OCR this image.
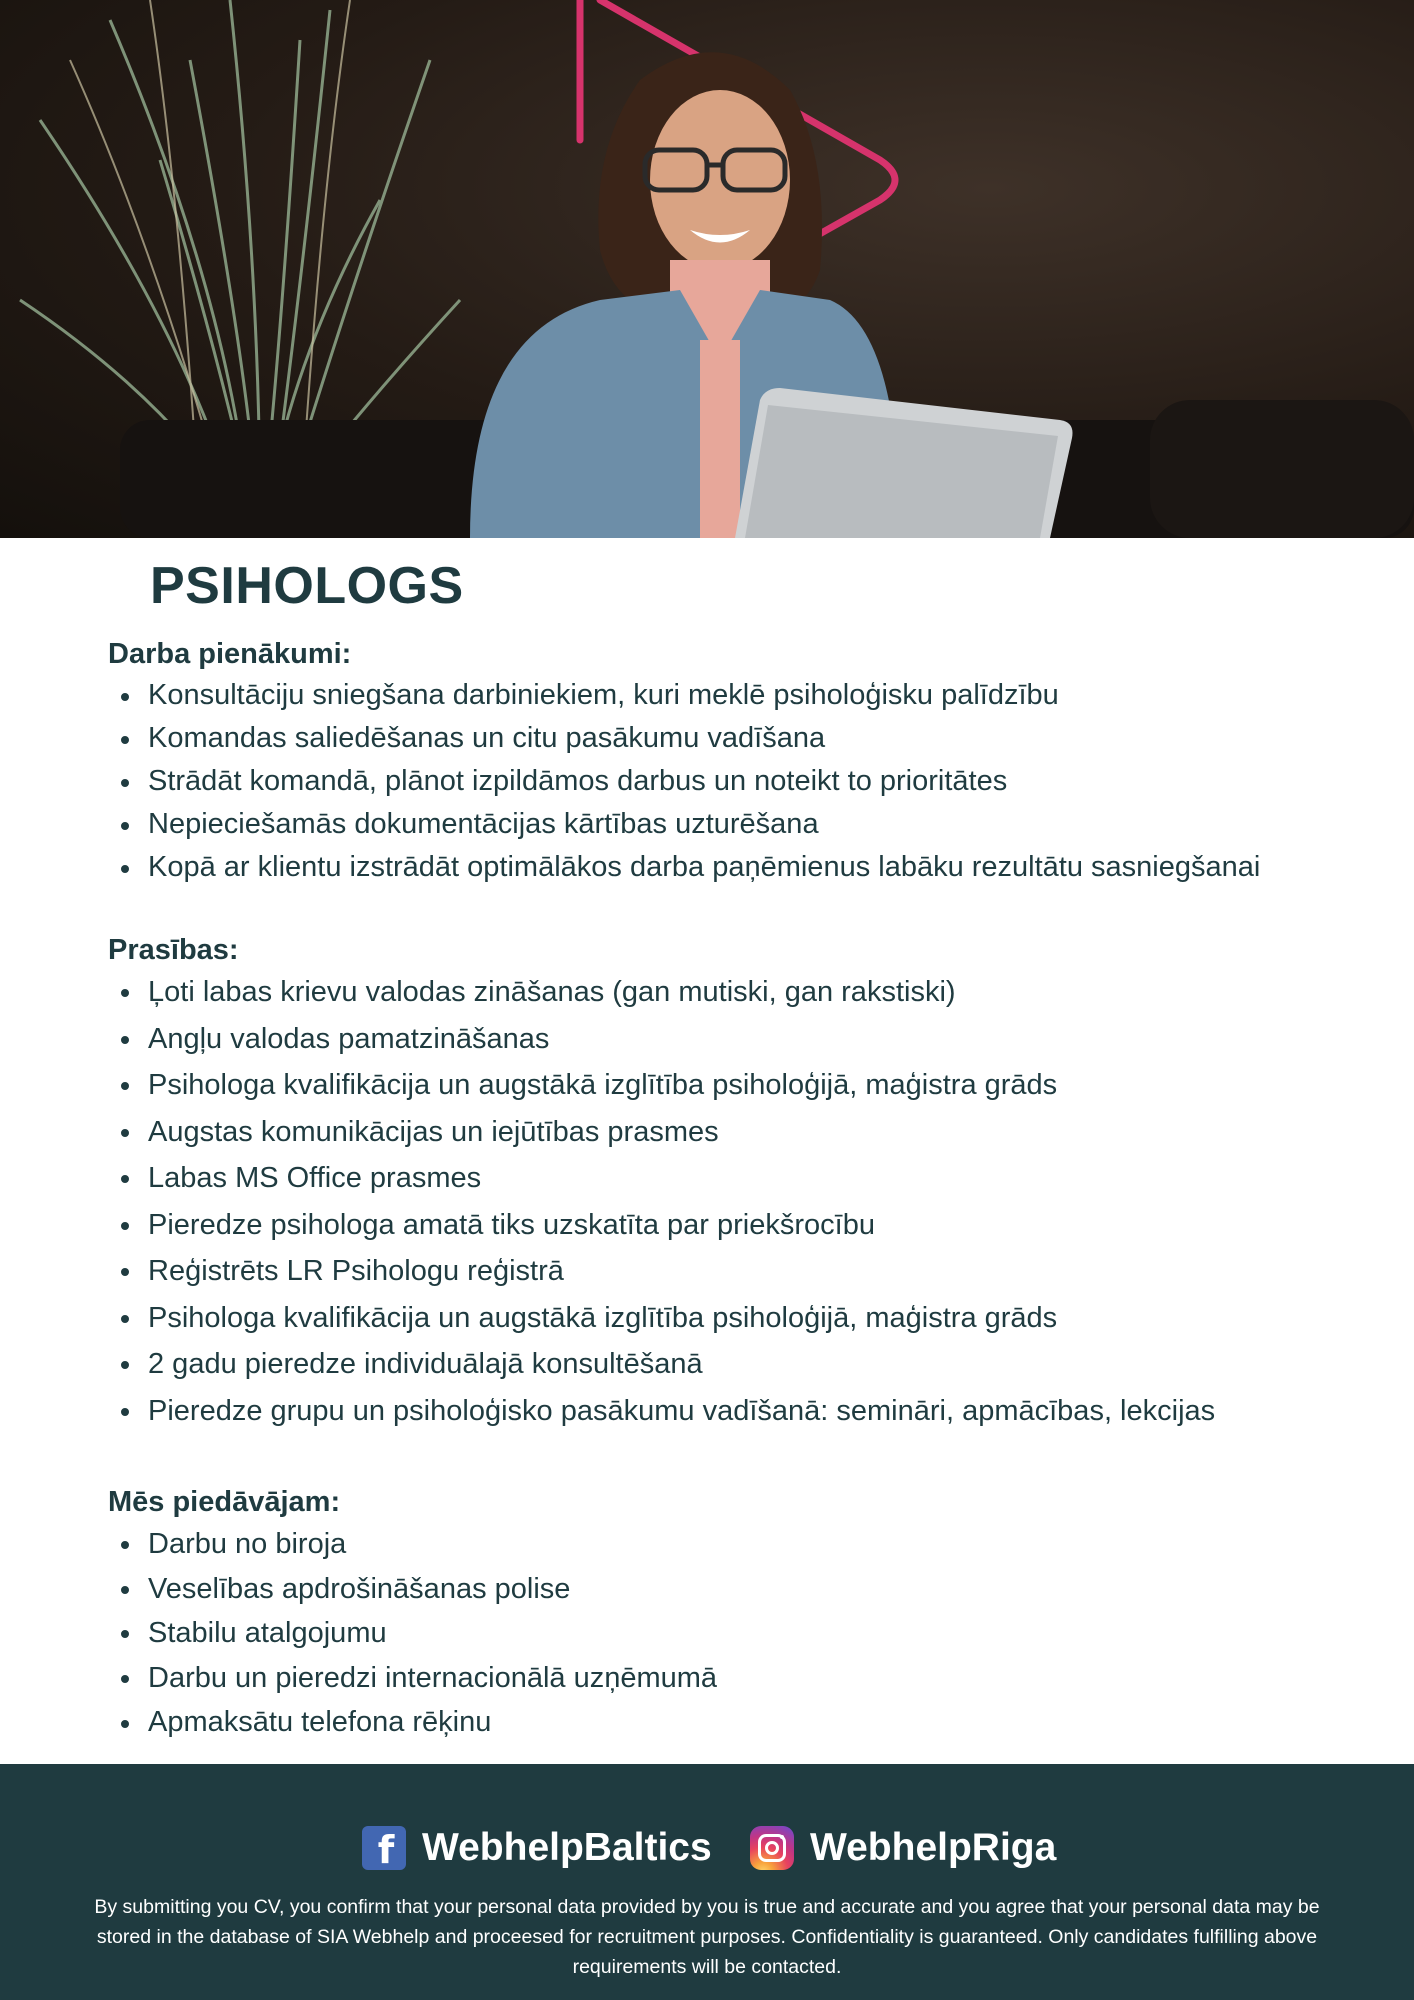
PSIHOLOGS
Darba pienākumi:
Konsultāciju sniegšana darbiniekiem, kuri meklē psiholoģisku palīdzību
Komandas saliedēšanas un citu pasākumu vadīšana
Strādāt komandā, plānot izpildāmos darbus un noteikt to prioritātes
Nepieciešamās dokumentācijas kārtības uzturēšana
Kopā ar klientu izstrādāt optimālākos darba paņēmienus labāku rezultātu sasniegšanai
Prasības:
Ļoti labas krievu valodas zināšanas (gan mutiski, gan rakstiski)
Angļu valodas pamatzināšanas
Psihologa kvalifikācija un augstākā izglītība psiholoģijā, maģistra grāds
Augstas komunikācijas un iejūtības prasmes
Labas MS Office prasmes
Pieredze psihologa amatā tiks uzskatīta par priekšrocību
Reģistrēts LR Psihologu reģistrā
Psihologa kvalifikācija un augstākā izglītība psiholoģijā, maģistra grāds
2 gadu pieredze individuālajā konsultēšanā
Pieredze grupu un psiholoģisko pasākumu vadīšanā: semināri, apmācības, lekcijas
Mēs piedāvājam:
Darbu no biroja
Veselības apdrošināšanas polise
Stabilu atalgojumu
Darbu un pieredzi internacionālā uzņēmumā
Apmaksātu telefona rēķinu
f WebhelpBaltics	WebhelpRiga

By submitting you CV, you confirm that your personal data provided by you is true and accurate and you agree that your personal data may be stored in the database of SIA Webhelp and proceesed for recruitment purposes. Confidentiality is guaranteed. Only candidates fulfilling above requirements will be contacted.
